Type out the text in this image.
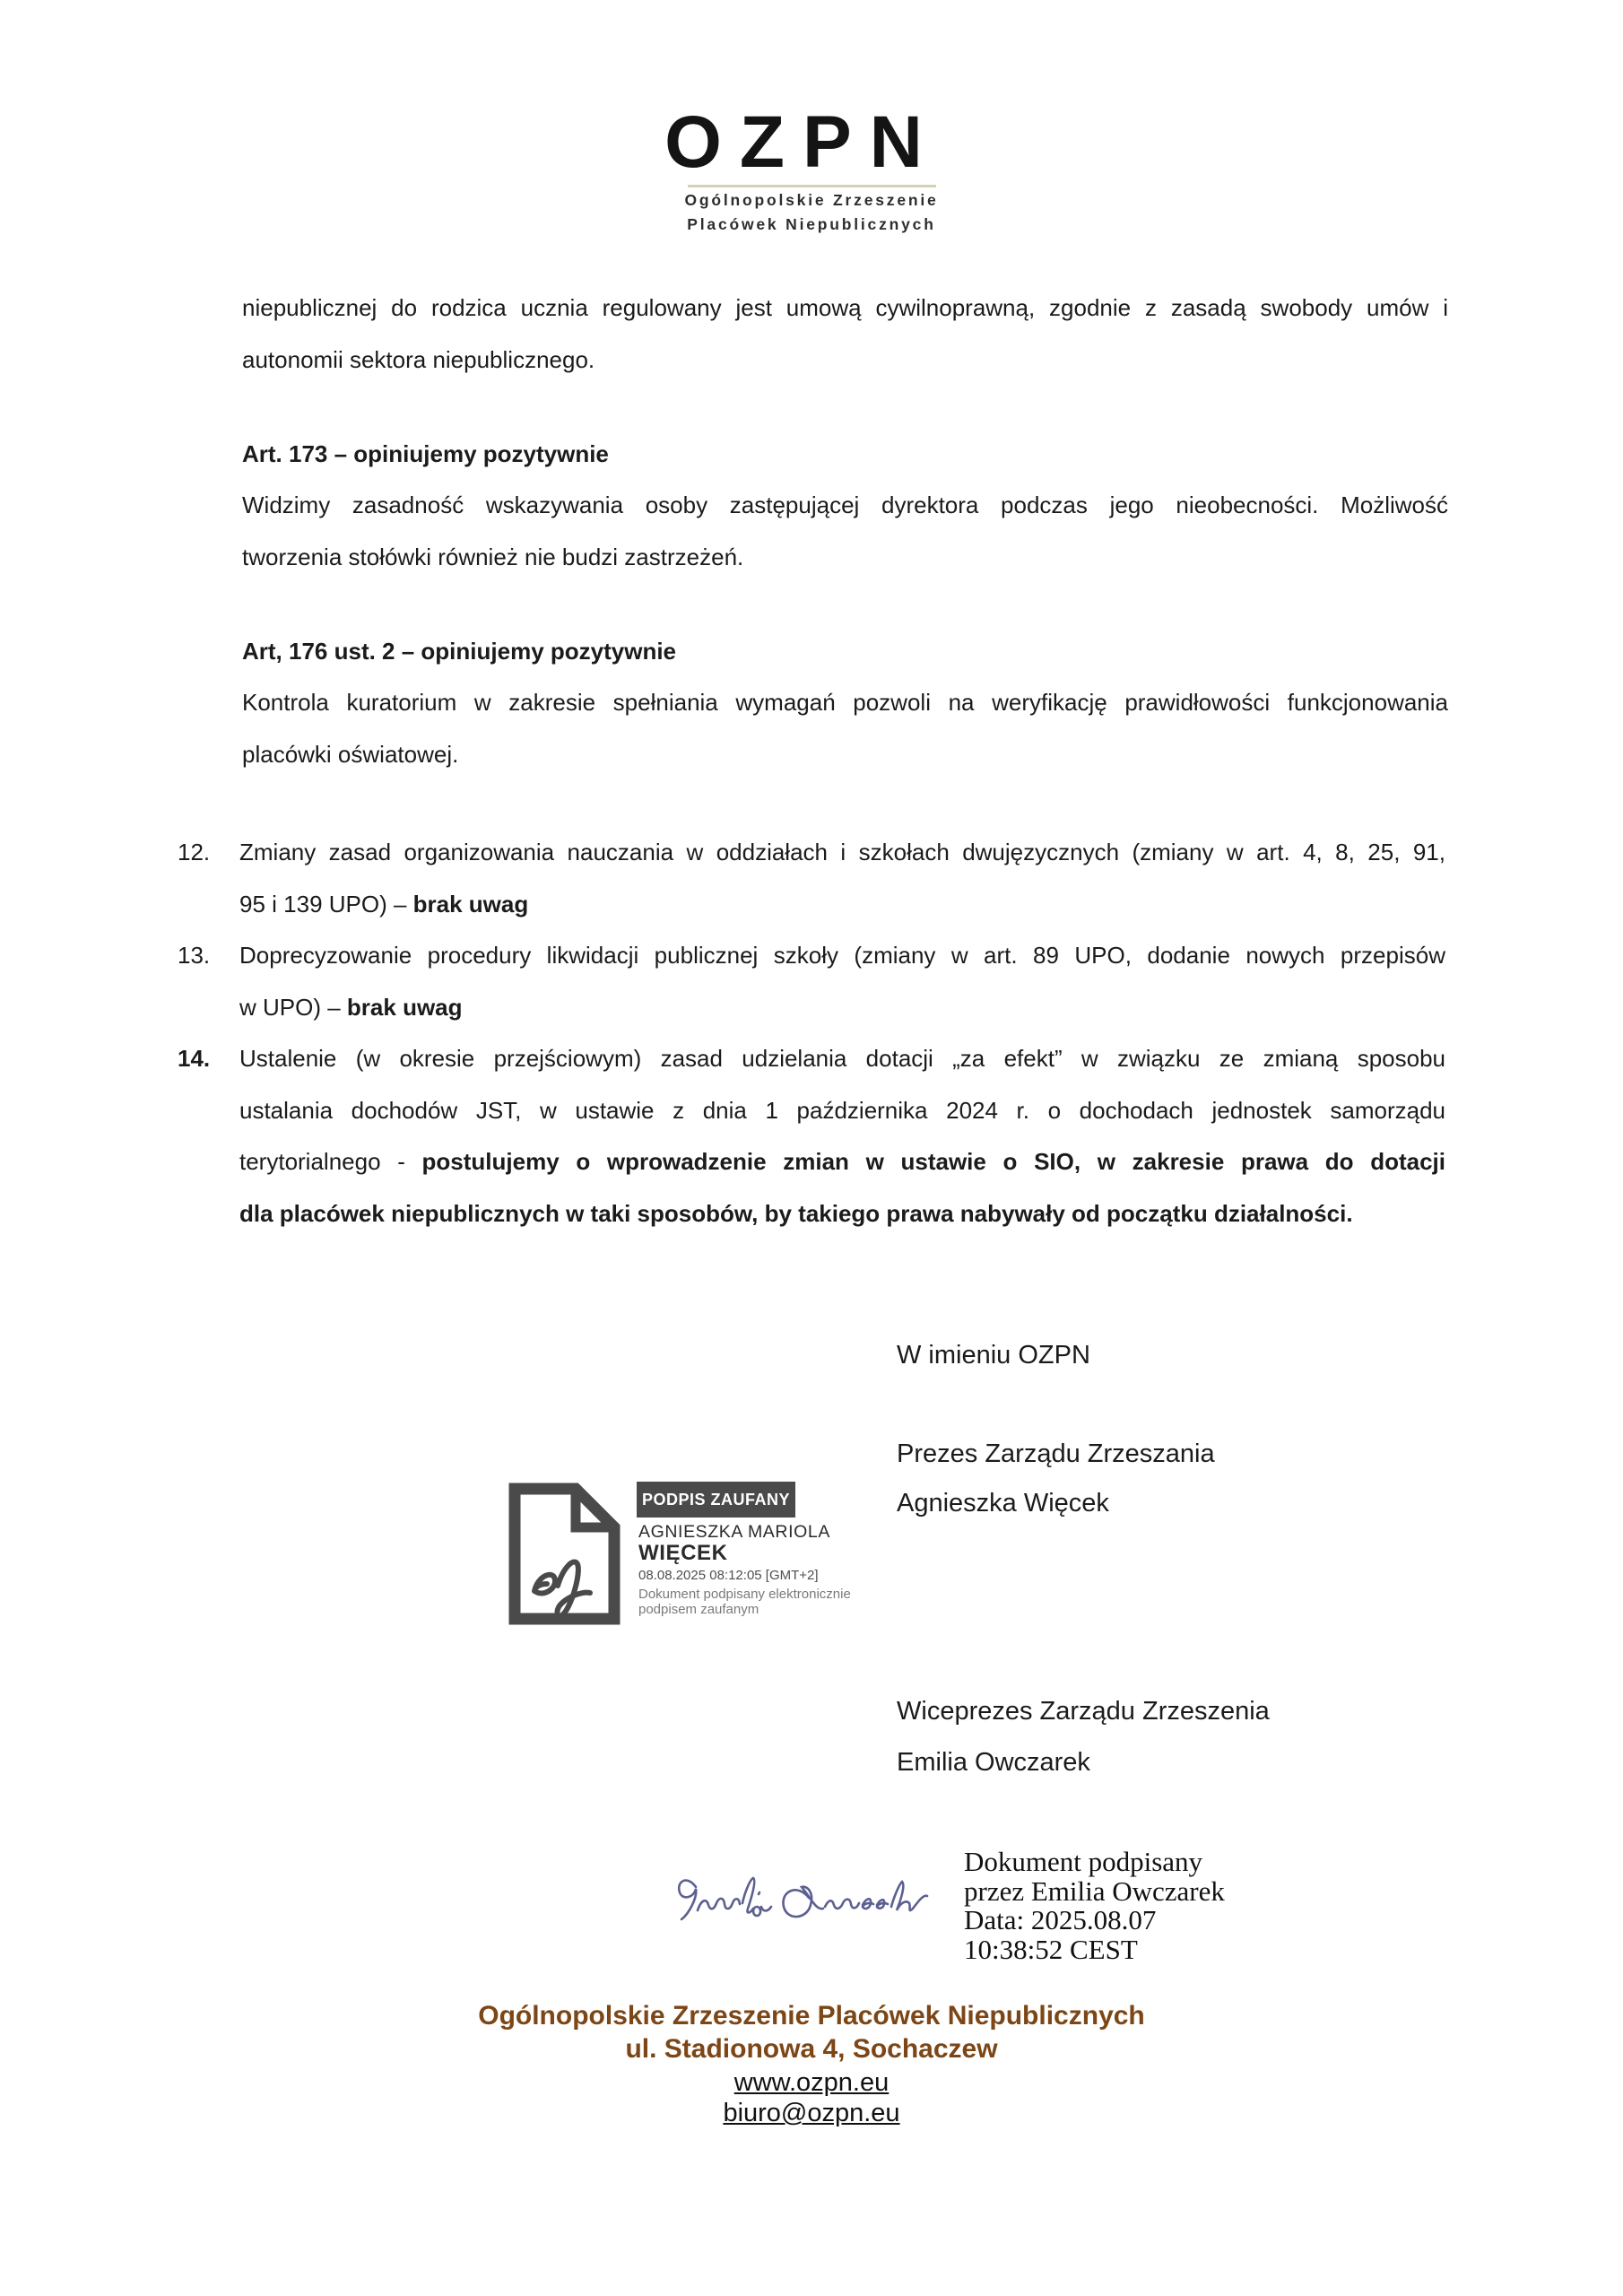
OZPN
Ogólnopolskie Zrzeszenie
Placówek Niepublicznych
niepublicznej do rodzica ucznia regulowany jest umową cywilnoprawną, zgodnie z zasadą swobody umów i
autonomii sektora niepublicznego.
Art. 173 – opiniujemy pozytywnie
Widzimy zasadność wskazywania osoby zastępującej dyrektora podczas jego nieobecności. Możliwość
tworzenia stołówki również nie budzi zastrzeżeń.
Art, 176 ust. 2 – opiniujemy pozytywnie
Kontrola kuratorium w zakresie spełniania wymagań pozwoli na weryfikację prawidłowości funkcjonowania
placówki oświatowej.
12.	Zmiany zasad organizowania nauczania w oddziałach i szkołach dwujęzycznych (zmiany w art. 4, 8, 25, 91,
95 i 139 UPO) – brak uwag
13.	Doprecyzowanie procedury likwidacji publicznej szkoły (zmiany w art. 89 UPO, dodanie nowych przepisów
w UPO) – brak uwag
14.	Ustalenie (w okresie przejściowym) zasad udzielania dotacji „za efekt” w związku ze zmianą sposobu
ustalania dochodów JST, w ustawie z dnia 1 października 2024 r. o dochodach jednostek samorządu
terytorialnego - postulujemy o wprowadzenie zmian w ustawie o SIO, w zakresie prawa do dotacji
dla placówek niepublicznych w taki sposobów, by takiego prawa nabywały od początku działalności.
W imieniu OZPN
Prezes Zarządu Zrzeszania
Agnieszka Więcek
Wiceprezes Zarządu Zrzeszenia
Emilia Owczarek
PODPIS ZAUFANY
AGNIESZKA MARIOLA
WIĘCEK
08.08.2025 08:12:05 [GMT+2]
Dokument podpisany elektronicznie
podpisem zaufanym
Dokument podpisany
przez Emilia Owczarek
Data: 2025.08.07
10:38:52 CEST
Ogólnopolskie Zrzeszenie Placówek Niepublicznych
ul. Stadionowa 4, Sochaczew
www.ozpn.eu
biuro@ozpn.eu
